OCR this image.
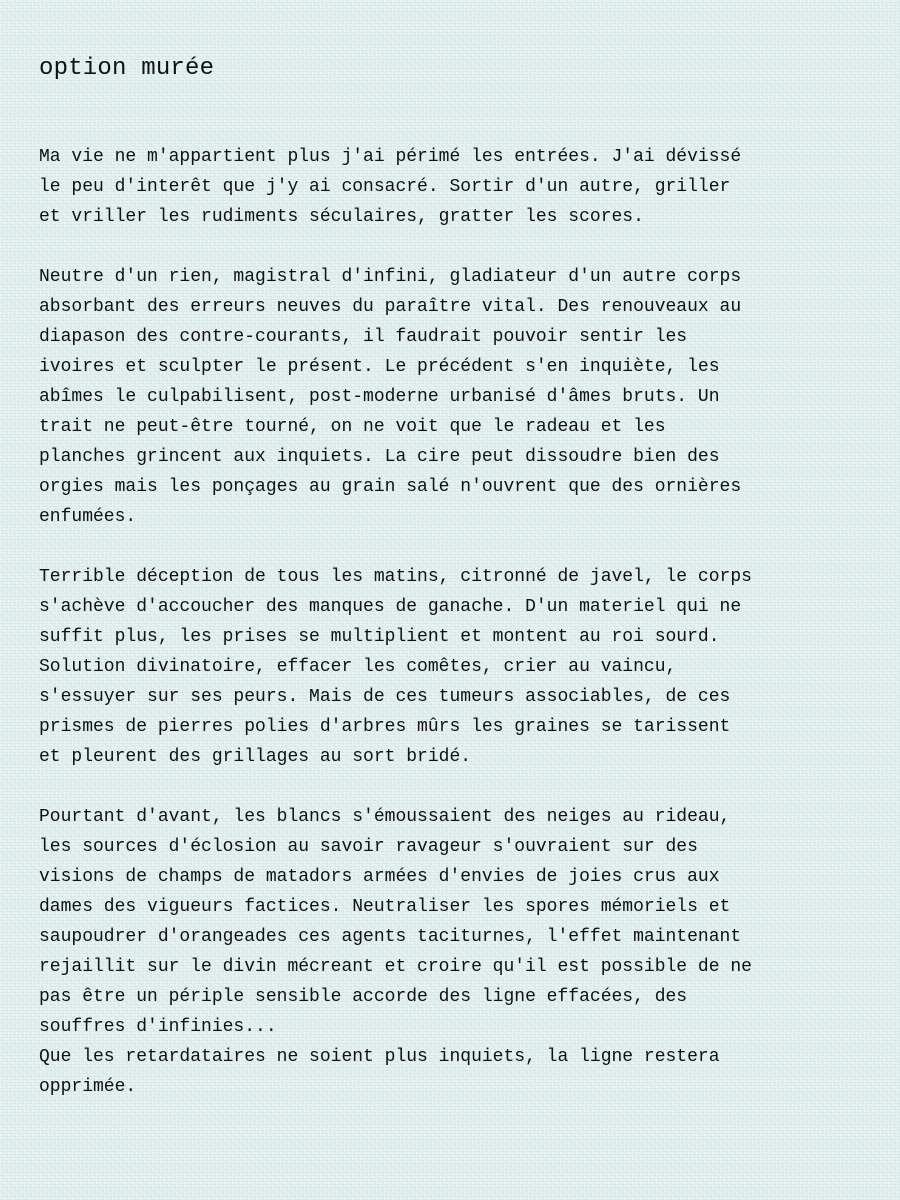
option murée
Ma vie ne m'appartient plus j'ai périmé les entrées. J'ai dévissé
le peu d'interêt que j'y ai consacré. Sortir d'un autre, griller
et vriller les rudiments séculaires, gratter les scores.
Neutre d'un rien, magistral d'infini, gladiateur d'un autre corps
absorbant des erreurs neuves du paraître vital. Des renouveaux au
diapason des contre-courants, il faudrait pouvoir sentir les
ivoires et sculpter le présent. Le précédent s'en inquiète, les
abîmes le culpabilisent, post-moderne urbanisé d'âmes bruts. Un
trait ne peut-être tourné, on ne voit que le radeau et les
planches grincent aux inquiets. La cire peut dissoudre bien des
orgies mais les ponçages au grain salé n'ouvrent que des ornières
enfumées.
Terrible déception de tous les matins, citronné de javel, le corps
s'achève d'accoucher des manques de ganache. D'un materiel qui ne
suffit plus, les prises se multiplient et montent au roi sourd.
Solution divinatoire, effacer les comêtes, crier au vaincu,
s'essuyer sur ses peurs. Mais de ces tumeurs associables, de ces
prismes de pierres polies d'arbres mûrs les graines se tarissent
et pleurent des grillages au sort bridé.
Pourtant d'avant, les blancs s'émoussaient des neiges au rideau,
les sources d'éclosion au savoir ravageur s'ouvraient sur des
visions de champs de matadors armées d'envies de joies crus aux
dames des vigueurs factices. Neutraliser les spores mémoriels et
saupoudrer d'orangeades ces agents taciturnes, l'effet maintenant
rejaillit sur le divin mécreant et croire qu'il est possible de ne
pas être un périple sensible accorde des ligne effacées, des
souffres d'infinies...
Que les retardataires ne soient plus inquiets, la ligne restera
opprimée.
